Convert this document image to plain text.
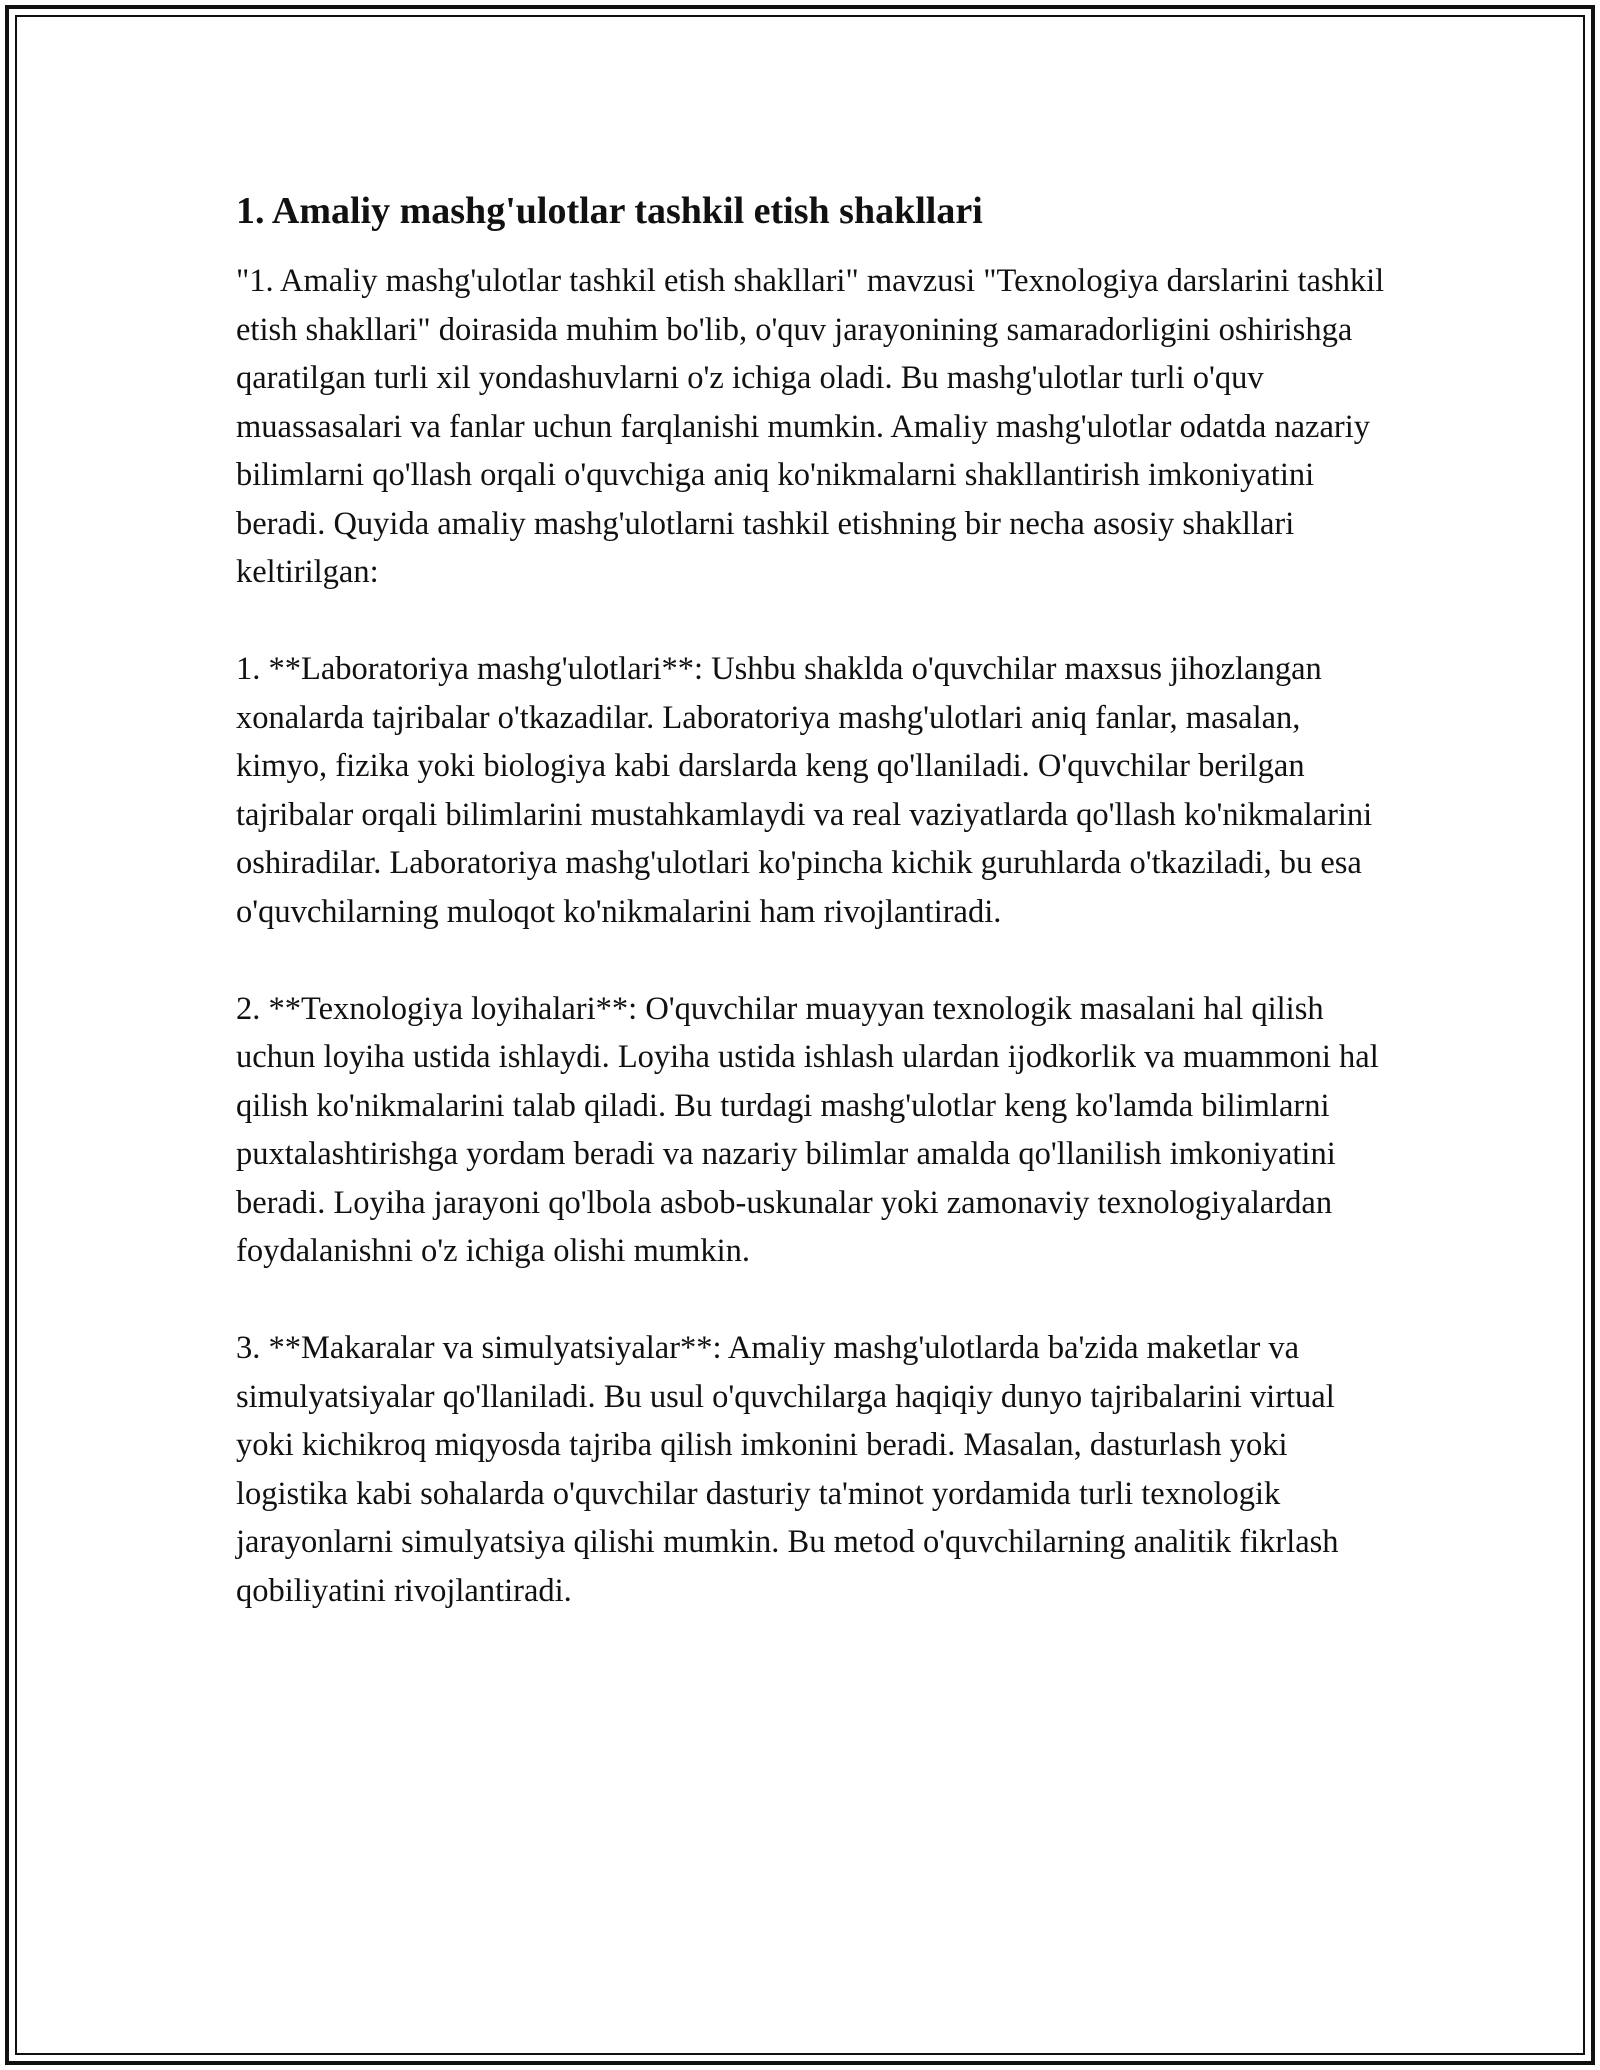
1. Amaliy mashg'ulotlar tashkil etish shakllari

"1. Amaliy mashg'ulotlar tashkil etish shakllari" mavzusi "Texnologiya darslarini tashkil etish shakllari" doirasida muhim bo'lib, o'quv jarayonining samaradorligini oshirishga qaratilgan turli xil yondashuvlarni o'z ichiga oladi. Bu mashg'ulotlar turli o'quv muassasalari va fanlar uchun farqlanishi mumkin. Amaliy mashg'ulotlar odatda nazariy bilimlarni qo'llash orqali o'quvchiga aniq ko'nikmalarni shakllantirish imkoniyatini beradi. Quyida amaliy mashg'ulotlarni tashkil etishning bir necha asosiy shakllari keltirilgan:

1. **Laboratoriya mashg'ulotlari**: Ushbu shaklda o'quvchilar maxsus jihozlangan xonalarda tajribalar o'tkazadilar. Laboratoriya mashg'ulotlari aniq fanlar, masalan, kimyo, fizika yoki biologiya kabi darslarda keng qo'llaniladi. O'quvchilar berilgan tajribalar orqali bilimlarini mustahkamlaydi va real vaziyatlarda qo'llash ko'nikmalarini oshiradilar. Laboratoriya mashg'ulotlari ko'pincha kichik guruhlarda o'tkaziladi, bu esa o'quvchilarning muloqot ko'nikmalarini ham rivojlantiradi.

2. **Texnologiya loyihalari**: O'quvchilar muayyan texnologik masalani hal qilish uchun loyiha ustida ishlaydi. Loyiha ustida ishlash ulardan ijodkorlik va muammoni hal qilish ko'nikmalarini talab qiladi. Bu turdagi mashg'ulotlar keng ko'lamda bilimlarni puxtalashtirishga yordam beradi va nazariy bilimlar amalda qo'llanilish imkoniyatini beradi. Loyiha jarayoni qo'lbola asbob-uskunalar yoki zamonaviy texnologiyalardan foydalanishni o'z ichiga olishi mumkin.

3. **Makaralar va simulyatsiyalar**: Amaliy mashg'ulotlarda ba'zida maketlar va simulyatsiyalar qo'llaniladi. Bu usul o'quvchilarga haqiqiy dunyo tajribalarini virtual yoki kichikroq miqyosda tajriba qilish imkonini beradi. Masalan, dasturlash yoki logistika kabi sohalarda o'quvchilar dasturiy ta'minot yordamida turli texnologik jarayonlarni simulyatsiya qilishi mumkin. Bu metod o'quvchilarning analitik fikrlash qobiliyatini rivojlantiradi.
